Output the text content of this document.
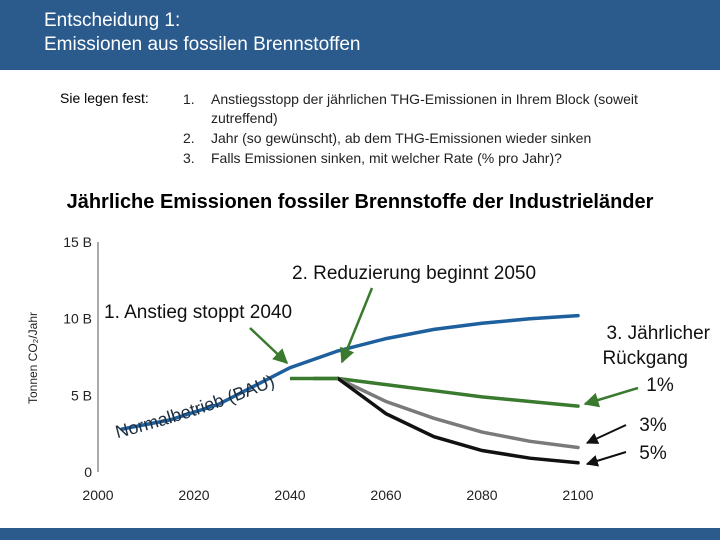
Entscheidung 1:
Emissionen aus fossilen Brennstoffen
Sie legen fest: 1. Anstiegsstopp der jährlichen THG-Emissionen in Ihrem Block (soweit zutreffend)
2. Jahr (so gewünscht), ab dem THG-Emissionen wieder sinken
3. Falls Emissionen sinken, mit welcher Rate (% pro Jahr)?
Jährliche Emissionen fossiler Brennstoffe der Industrieländer
0
5 B
10 B
15 B
2000	2020	2040	2060	2080	2100
Tonnen CO₂/Jahr
Normalbetrieb (BAU)
1. Anstieg stoppt 2040
2. Reduzierung beginnt 2050
3. Jährlicher
Rückgang
1%
3%
5%
